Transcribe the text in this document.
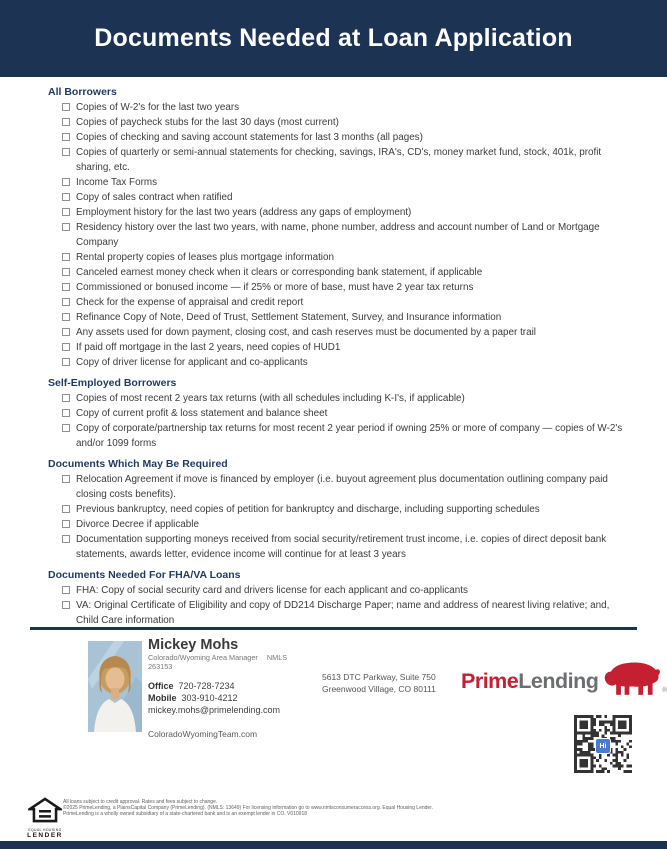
Documents Needed at Loan Application
All Borrowers
Copies of W-2's for the last two years
Copies of paycheck stubs for the last 30 days (most current)
Copies of checking and saving account statements for last 3 months (all pages)
Copies of quarterly or semi-annual statements for checking, savings, IRA's, CD's, money market fund, stock, 401k, profit sharing, etc.
Income Tax Forms
Copy of sales contract when ratified
Employment history for the last two years (address any gaps of employment)
Residency history over the last two years, with name, phone number, address and account number of Land or Mortgage Company
Rental property copies of leases plus mortgage information
Canceled earnest money check when it clears or corresponding bank statement, if applicable
Commissioned or bonused income — if 25% or more of base, must have 2 year tax returns
Check for the expense of appraisal and credit report
Refinance Copy of Note, Deed of Trust, Settlement Statement, Survey, and Insurance information
Any assets used for down payment, closing cost, and cash reserves must be documented by a paper trail
If paid off mortgage in the last 2 years, need copies of HUD1
Copy of driver license for applicant and co-applicants
Self-Employed Borrowers
Copies of most recent 2 years tax returns (with all schedules including K-I's, if applicable)
Copy of current profit & loss statement and balance sheet
Copy of corporate/partnership tax returns for most recent 2 year period if owning 25% or more of company — copies of W-2's and/or 1099 forms
Documents Which May Be Required
Relocation Agreement if move is financed by employer (i.e. buyout agreement plus documentation outlining company paid closing costs benefits).
Previous bankruptcy, need copies of petition for bankruptcy and discharge, including supporting schedules
Divorce Decree if applicable
Documentation supporting moneys received from social security/retirement trust income, i.e. copies of direct deposit bank statements, awards letter, evidence income will continue for at least 3 years
Documents Needed For FHA/VA Loans
FHA: Copy of social security card and drivers license for each applicant and co-applicants
VA: Original Certificate of Eligibility and copy of DD214 Discharge Paper; name and address of nearest living relative; and, Child Care information
Mickey Mohs
Colorado/Wyoming Area Manager NMLS 263153
Office 720-728-7234
Mobile 303-910-4212
mickey.mohs@primelending.com
ColoradoWyomingTeam.com
5613 DTC Parkway, Suite 750
Greenwood Village, CO 80111 PrimeLending	®
Hi
EQUAL HOUSING
LENDER
All loans subject to credit approval. Rates and fees subject to change.
©2025 PrimeLending, a PlainsCapital Company (PrimeLending). (NMLS: 13649) For licensing information go to www.nmlsconsumeraccess.org. Equal Housing Lender.
PrimeLending is a wholly owned subsidiary of a state-chartered bank and is an exempt lender in CO. V010918
